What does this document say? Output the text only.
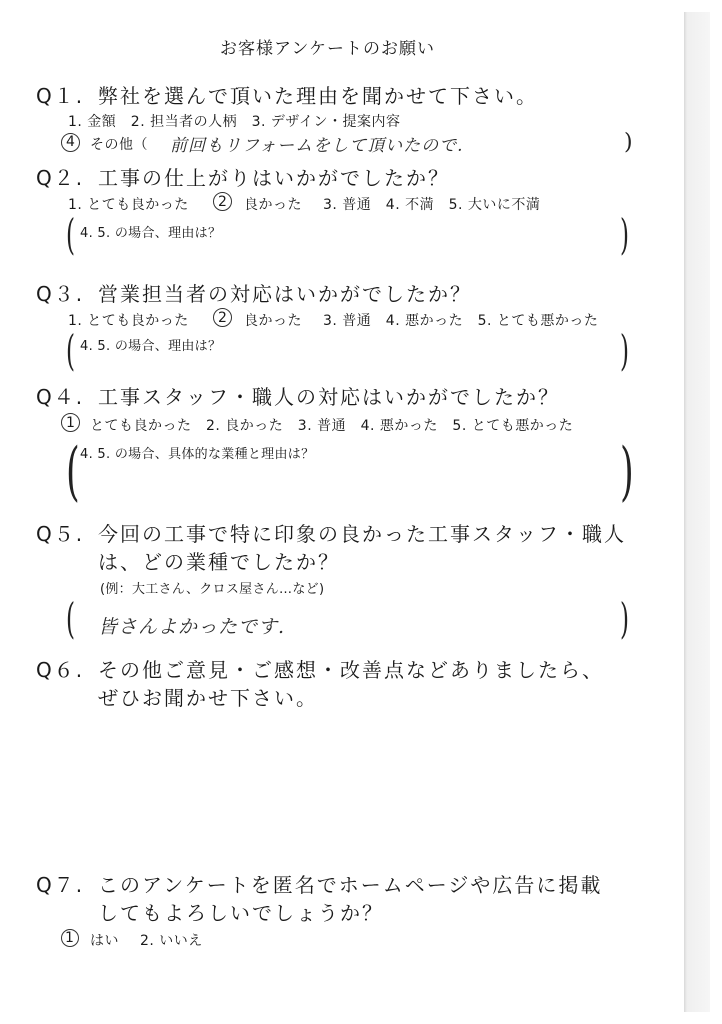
お客様アンケートのお願い
Q１. 弊社を選んで頂いた理由を聞かせて下さい。
1. 金額　2. 担当者の人柄　3. デザイン・提案内容
4 その他（ 前回もリフォームをして頂いたので.	)
Q２. 工事の仕上がりはいかがでしたか？
1. とても良かった 2 良かった 3. 普通　4. 不満　5. 大いに不満
( 4. 5. の場合、理由は？	)
Q３. 営業担当者の対応はいかがでしたか？
1. とても良かった 2 良かった 3. 普通　4. 悪かった　5. とても悪かった
( 4. 5. の場合、理由は？	)
Q４. 工事スタッフ・職人の対応はいかがでしたか？
1 とても良かった　2. 良かった　3. 普通　4. 悪かった　5. とても悪かった
( 4. 5. の場合、具体的な業種と理由は？	)
Q５. 今回の工事で特に印象の良かった工事スタッフ・職人
は、どの業種でしたか？
(例：大工さん、クロス屋さん…など)
( 皆さんよかったです.	)
Q６. その他ご意見・ご感想・改善点などありましたら、
ぜひお聞かせ下さい。
Q７. このアンケートを匿名でホームページや広告に掲載
してもよろしいでしょうか？
1 はい 2. いいえ
